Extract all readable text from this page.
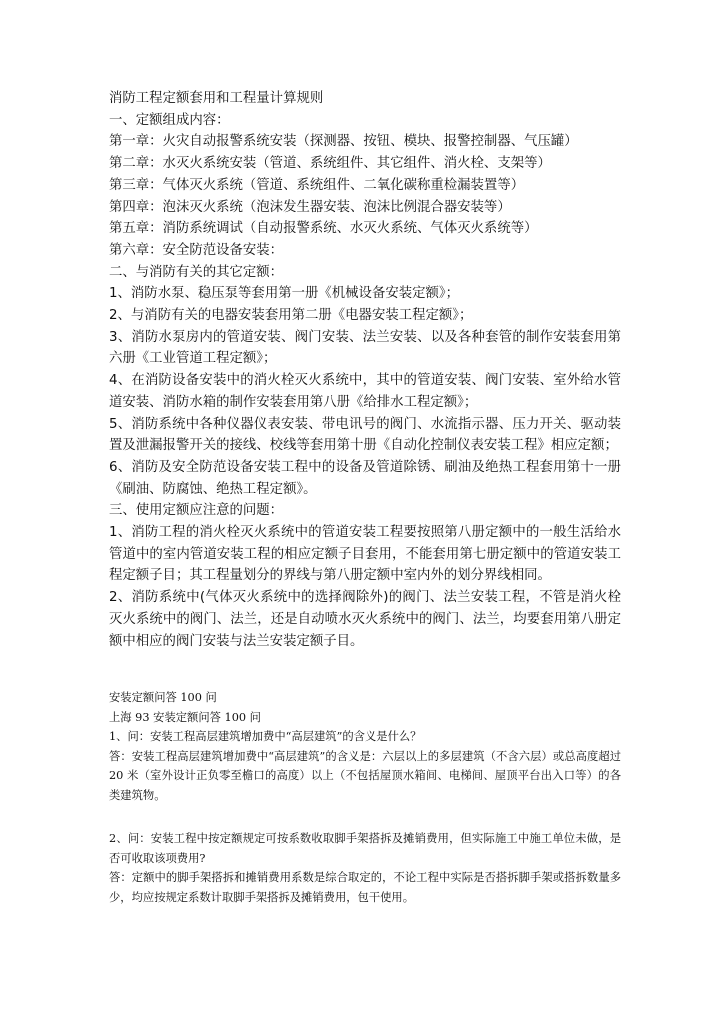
消防工程定额套用和工程量计算规则

一、定额组成内容：

第一章：火灾自动报警系统安装（探测器、按钮、模块、报警控制器、气压罐）

第二章：水灭火系统安装（管道、系统组件、其它组件、消火栓、支架等）

第三章：气体灭火系统（管道、系统组件、二氧化碳称重检漏装置等）

第四章：泡沫灭火系统（泡沫发生器安装、泡沫比例混合器安装等）

第五章：消防系统调试（自动报警系统、水灭火系统、气体灭火系统等）

第六章：安全防范设备安装：

二、与消防有关的其它定额：

1、消防水泵、稳压泵等套用第一册《机械设备安装定额》；

2、与消防有关的电器安装套用第二册《电器安装工程定额》；

3、消防水泵房内的管道安装、阀门安装、法兰安装、以及各种套管的制作安装套用第六册《工业管道工程定额》；

4、在消防设备安装中的消火栓灭火系统中，其中的管道安装、阀门安装、室外给水管道安装、消防水箱的制作安装套用第八册《给排水工程定额》；

5、消防系统中各种仪器仪表安装、带电讯号的阀门、水流指示器、压力开关、驱动装置及泄漏报警开关的接线、校线等套用第十册《自动化控制仪表安装工程》相应定额；

6、消防及安全防范设备安装工程中的设备及管道除锈、刷油及绝热工程套用第十一册《刷油、防腐蚀、绝热工程定额》。

三、使用定额应注意的问题：

1、消防工程的消火栓灭火系统中的管道安装工程要按照第八册定额中的一般生活给水管道中的室内管道安装工程的相应定额子目套用，不能套用第七册定额中的管道安装工程定额子目；其工程量划分的界线与第八册定额中室内外的划分界线相同。

2、消防系统中(气体灭火系统中的选择阀除外)的阀门、法兰安装工程，不管是消火栓灭火系统中的阀门、法兰，还是自动喷水灭火系统中的阀门、法兰，均要套用第八册定额中相应的阀门安装与法兰安装定额子目。

安装定额问答 100 问

上海 93 安装定额问答 100 问

1、问：安装工程高层建筑增加费中“高层建筑”的含义是什么？

答：安装工程高层建筑增加费中“高层建筑”的含义是：六层以上的多层建筑（不含六层）或总高度超过 20 米（室外设计正负零至檐口的高度）以上（不包括屋顶水箱间、电梯间、屋顶平台出入口等）的各类建筑物。

2、问：安装工程中按定额规定可按系数收取脚手架搭拆及摊销费用，但实际施工中施工单位未做，是否可收取该项费用?

答：定额中的脚手架搭拆和摊销费用系数是综合取定的，不论工程中实际是否搭拆脚手架或搭拆数量多少，均应按规定系数计取脚手架搭拆及摊销费用，包干使用。
